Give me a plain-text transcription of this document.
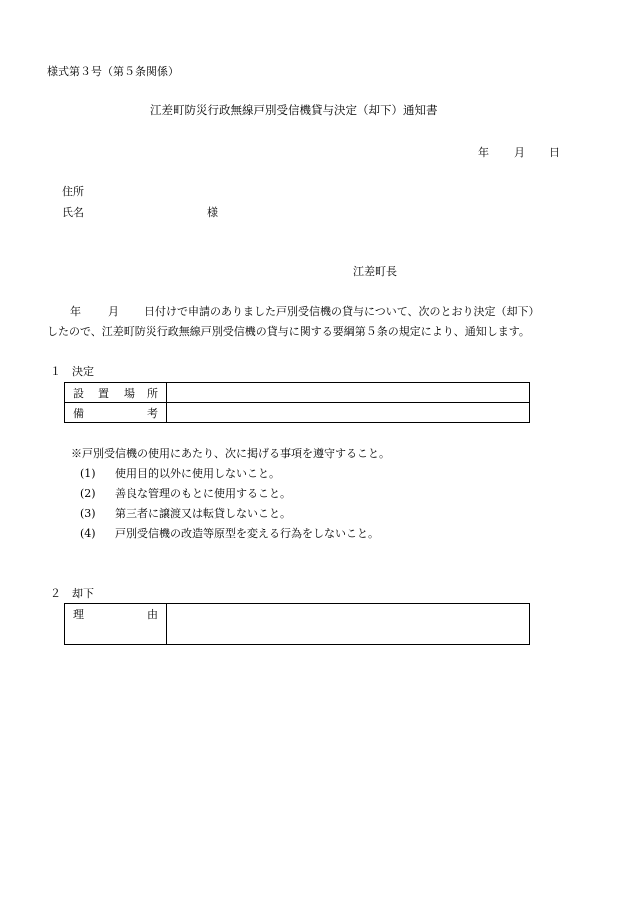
様式第３号（第５条関係）
江差町防災行政無線戸別受信機貸与決定（却下）通知書
年 月 日
住所
氏名	様
江差町長
年 月 日付けで申請のありました戸別受信機の貸与について、次のとおり決定（却下）
したので、江差町防災行政無線戸別受信機の貸与に関する要綱第５条の規定により、通知します。
１ 決定
設 置 場 所	

備 考	

※戸別受信機の使用にあたり、次に掲げる事項を遵守すること。
(1) 使用目的以外に使用しないこと。
(2) 善良な管理のもとに使用すること。
(3) 第三者に譲渡又は転貸しないこと。
(4) 戸別受信機の改造等原型を変える行為をしないこと。
２ 却下
理	由
